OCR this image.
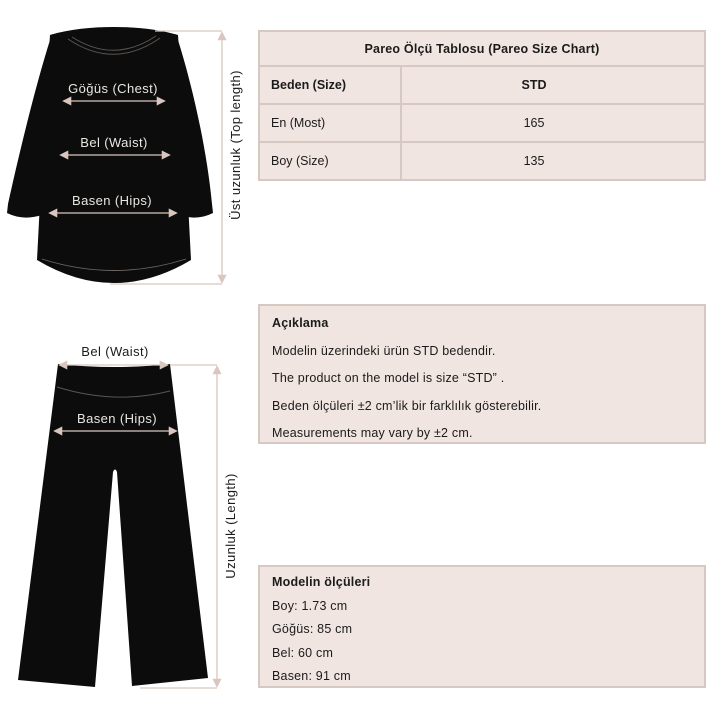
Göğüs (Chest)
Bel (Waist)
Basen (Hips)	Üst uzunluk (Top length)
Bel (Waist)
Basen (Hips)
Uzunluk (Length)
Pareo Ölçü Tablosu (Pareo Size Chart)
Beden (Size)	STD
En (Most)	165
Boy (Size)	135
Açıklama
Modelin üzerindeki ürün STD bedendir.
The product on the model is size “STD” .
Beden ölçüleri ±2 cm’lik bir farklılık gösterebilir.
Measurements may vary by ±2 cm.
Modelin ölçüleri
Boy: 1.73 cm
Göğüs: 85 cm
Bel: 60 cm
Basen: 91 cm
